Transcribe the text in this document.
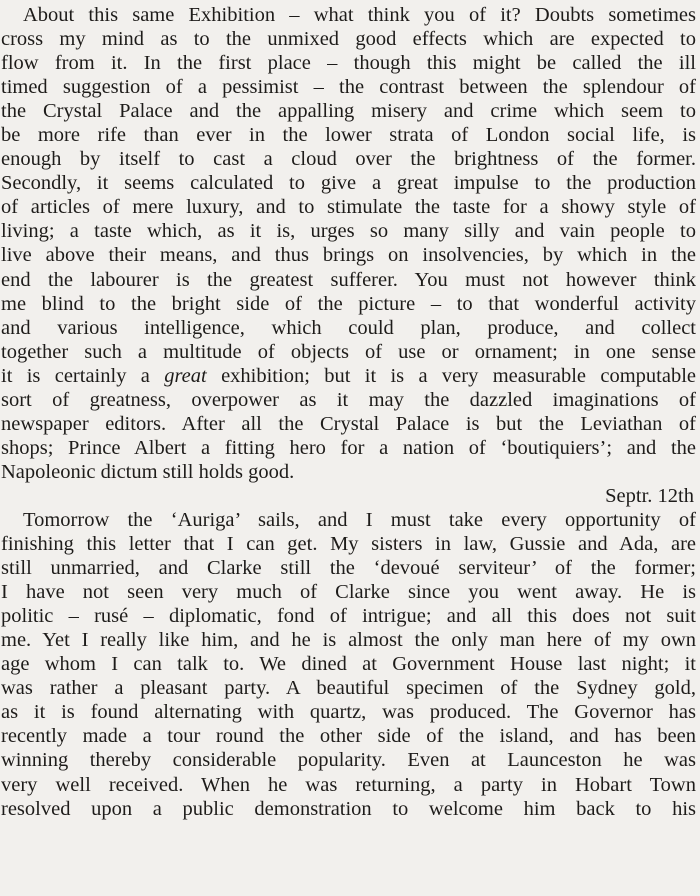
About this same Exhibition – what think you of it? Doubts sometimes
cross my mind as to the unmixed good effects which are expected to
flow from it. In the first place – though this might be called the ill
timed suggestion of a pessimist – the contrast between the splendour of
the Crystal Palace and the appalling misery and crime which seem to
be more rife than ever in the lower strata of London social life, is
enough by itself to cast a cloud over the brightness of the former.
Secondly, it seems calculated to give a great impulse to the production
of articles of mere luxury, and to stimulate the taste for a showy style of
living; a taste which, as it is, urges so many silly and vain people to
live above their means, and thus brings on insolvencies, by which in the
end the labourer is the greatest sufferer. You must not however think
me blind to the bright side of the picture – to that wonderful activity
and various intelligence, which could plan, produce, and collect
together such a multitude of objects of use or ornament; in one sense
it is certainly a great exhibition; but it is a very measurable computable
sort of greatness, overpower as it may the dazzled imaginations of
newspaper editors. After all the Crystal Palace is but the Leviathan of
shops; Prince Albert a fitting hero for a nation of ‘boutiquiers’; and the
Napoleonic dictum still holds good.
Septr. 12th
Tomorrow the ‘Auriga’ sails, and I must take every opportunity of
finishing this letter that I can get. My sisters in law, Gussie and Ada, are
still unmarried, and Clarke still the ‘devoué serviteur’ of the former;
I have not seen very much of Clarke since you went away. He is
politic – rusé – diplomatic, fond of intrigue; and all this does not suit
me. Yet I really like him, and he is almost the only man here of my own
age whom I can talk to. We dined at Government House last night; it
was rather a pleasant party. A beautiful specimen of the Sydney gold,
as it is found alternating with quartz, was produced. The Governor has
recently made a tour round the other side of the island, and has been
winning thereby considerable popularity. Even at Launceston he was
very well received. When he was returning, a party in Hobart Town
resolved upon a public demonstration to welcome him back to his
